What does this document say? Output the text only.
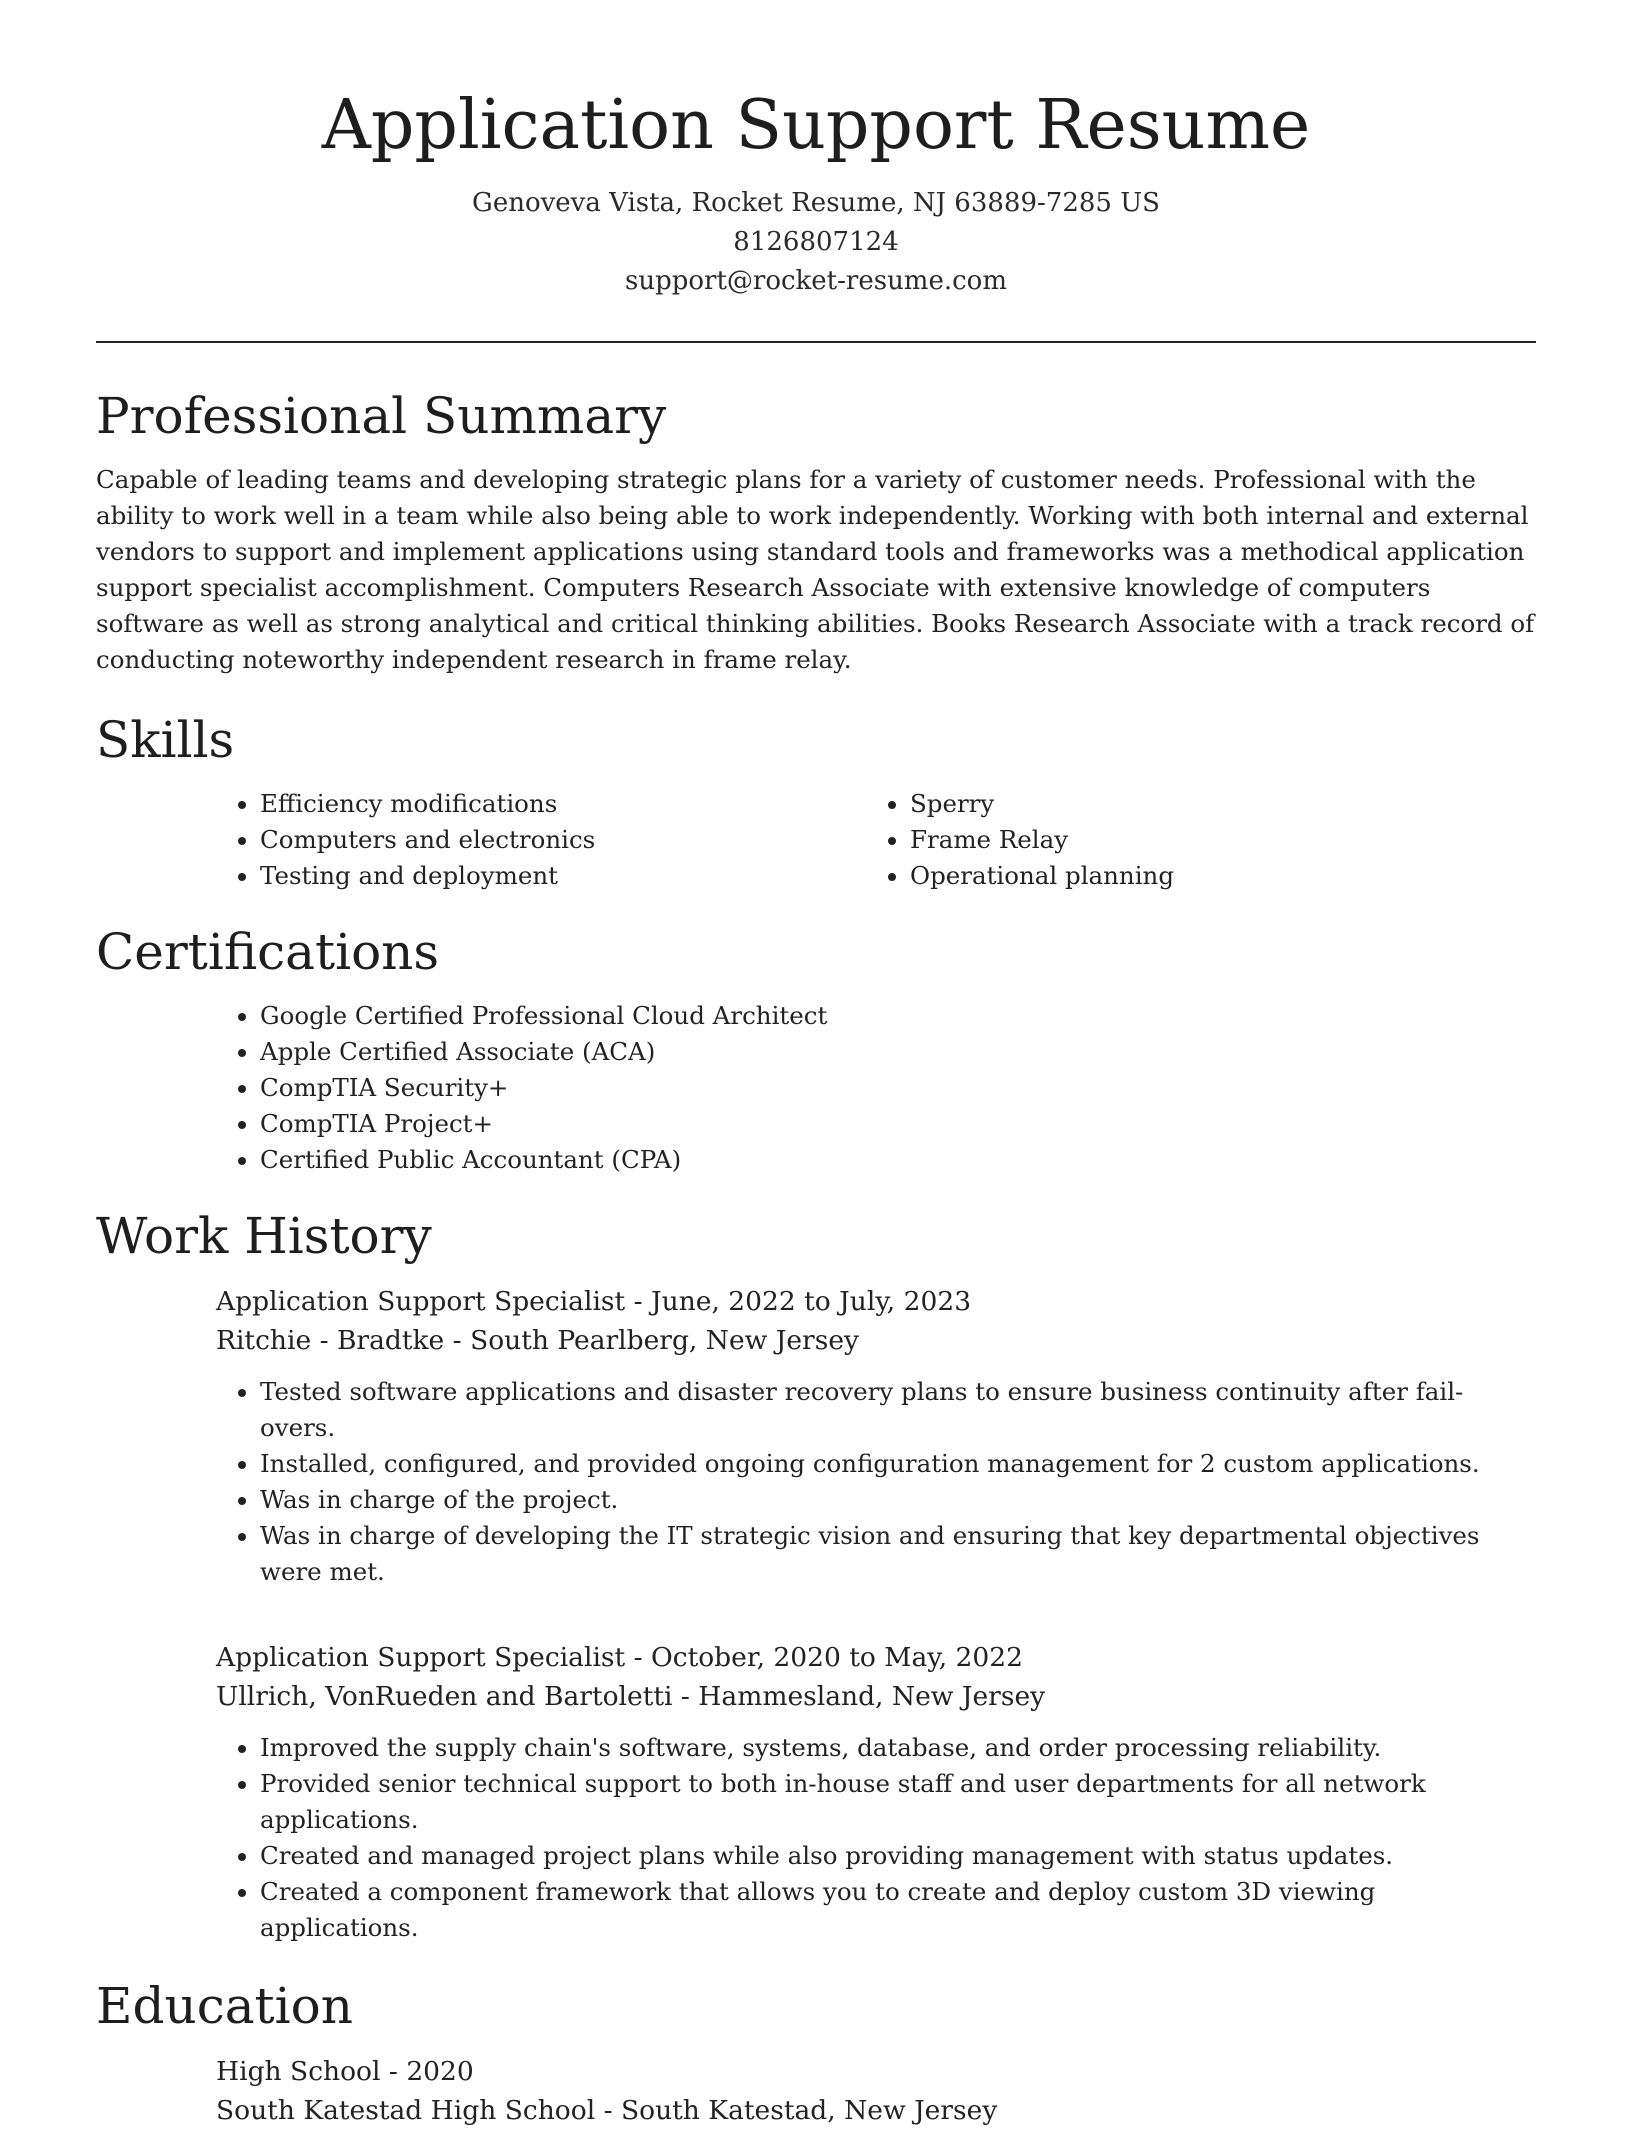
Application Support Resume
Genoveva Vista, Rocket Resume, NJ 63889-7285 US
8126807124
support@rocket-resume.com
Professional Summary

Capable of leading teams and developing strategic plans for a variety of customer needs. Professional with the ability to work well in a team while also being able to work independently. Working with both internal and external vendors to support and implement applications using standard tools and frameworks was a methodical application support specialist accomplishment. Computers Research Associate with extensive knowledge of computers software as well as strong analytical and critical thinking abilities. Books Research Associate with a track record of conducting noteworthy independent research in frame relay.

Skills
• Efficiency modifications
• Computers and electronics
• Testing and deployment
• Sperry
• Frame Relay
• Operational planning
Certifications
• Google Certified Professional Cloud Architect
• Apple Certified Associate (ACA)
• CompTIA Security+
• CompTIA Project+
• Certified Public Accountant (CPA)
Work History

Application Support Specialist - June, 2022 to July, 2023

Ritchie - Bradtke - South Pearlberg, New Jersey

• Tested software applications and disaster recovery plans to ensure business continuity after fail-overs.
• Installed, configured, and provided ongoing configuration management for 2 custom applications.
• Was in charge of the project.
• Was in charge of developing the IT strategic vision and ensuring that key departmental objectives were met.

Application Support Specialist - October, 2020 to May, 2022

Ullrich, VonRueden and Bartoletti - Hammesland, New Jersey

• Improved the supply chain's software, systems, database, and order processing reliability.
• Provided senior technical support to both in-house staff and user departments for all network applications.
• Created and managed project plans while also providing management with status updates.
• Created a component framework that allows you to create and deploy custom 3D viewing applications.
Education

High School - 2020

South Katestad High School - South Katestad, New Jersey
